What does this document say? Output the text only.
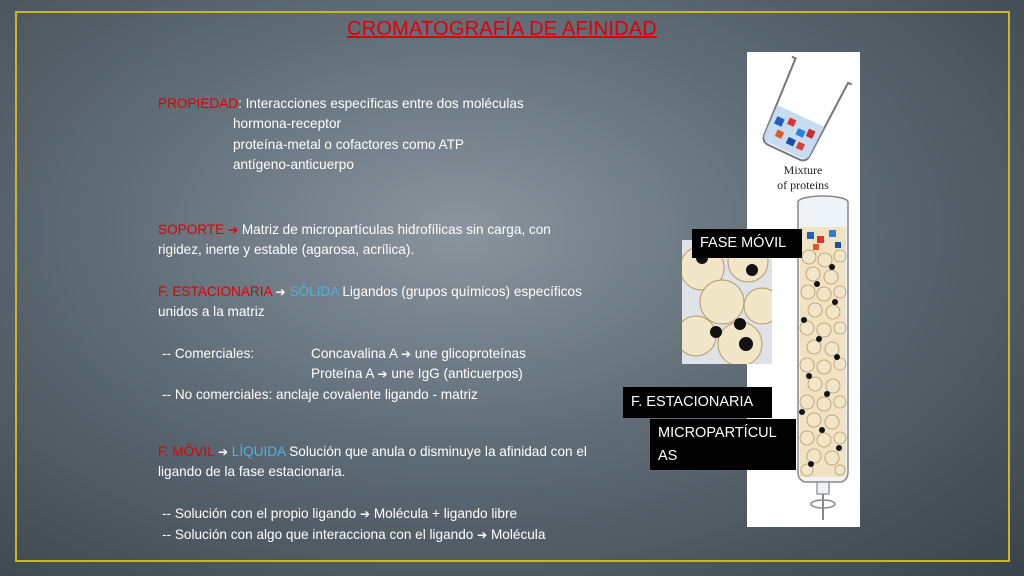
CROMATOGRAFÍA DE AFINIDAD
PROPIEDAD: Interacciones específicas entre dos moléculas
hormona-receptor
proteína-metal o cofactores como ATP
antígeno-anticuerpo
SOPORTE ➔ Matriz de micropartículas hidrofílicas sin carga, con
rigidez, inerte y estable (agarosa, acrílica).
F. ESTACIONARIA ➔ SÓLIDA Ligandos (grupos químicos) específicos
unidos a la matriz
-- Comerciales:	Concavalina A ➔ une glicoproteínas
Proteína A ➔ une IgG (anticuerpos)
-- No comerciales: anclaje covalente ligando - matriz
F. MÓVIL ➔ LÍQUIDA Solución que anula o disminuye la afinidad con el
ligando de la fase estacionaria.
-- Solución con el propio ligando ➔ Molécula + ligando libre
-- Solución con algo que interacciona con el ligando ➔ Molécula
Mixture
of proteins
FASE MÓVIL
F. ESTACIONARIA
MICROPARTÍCUL
AS
